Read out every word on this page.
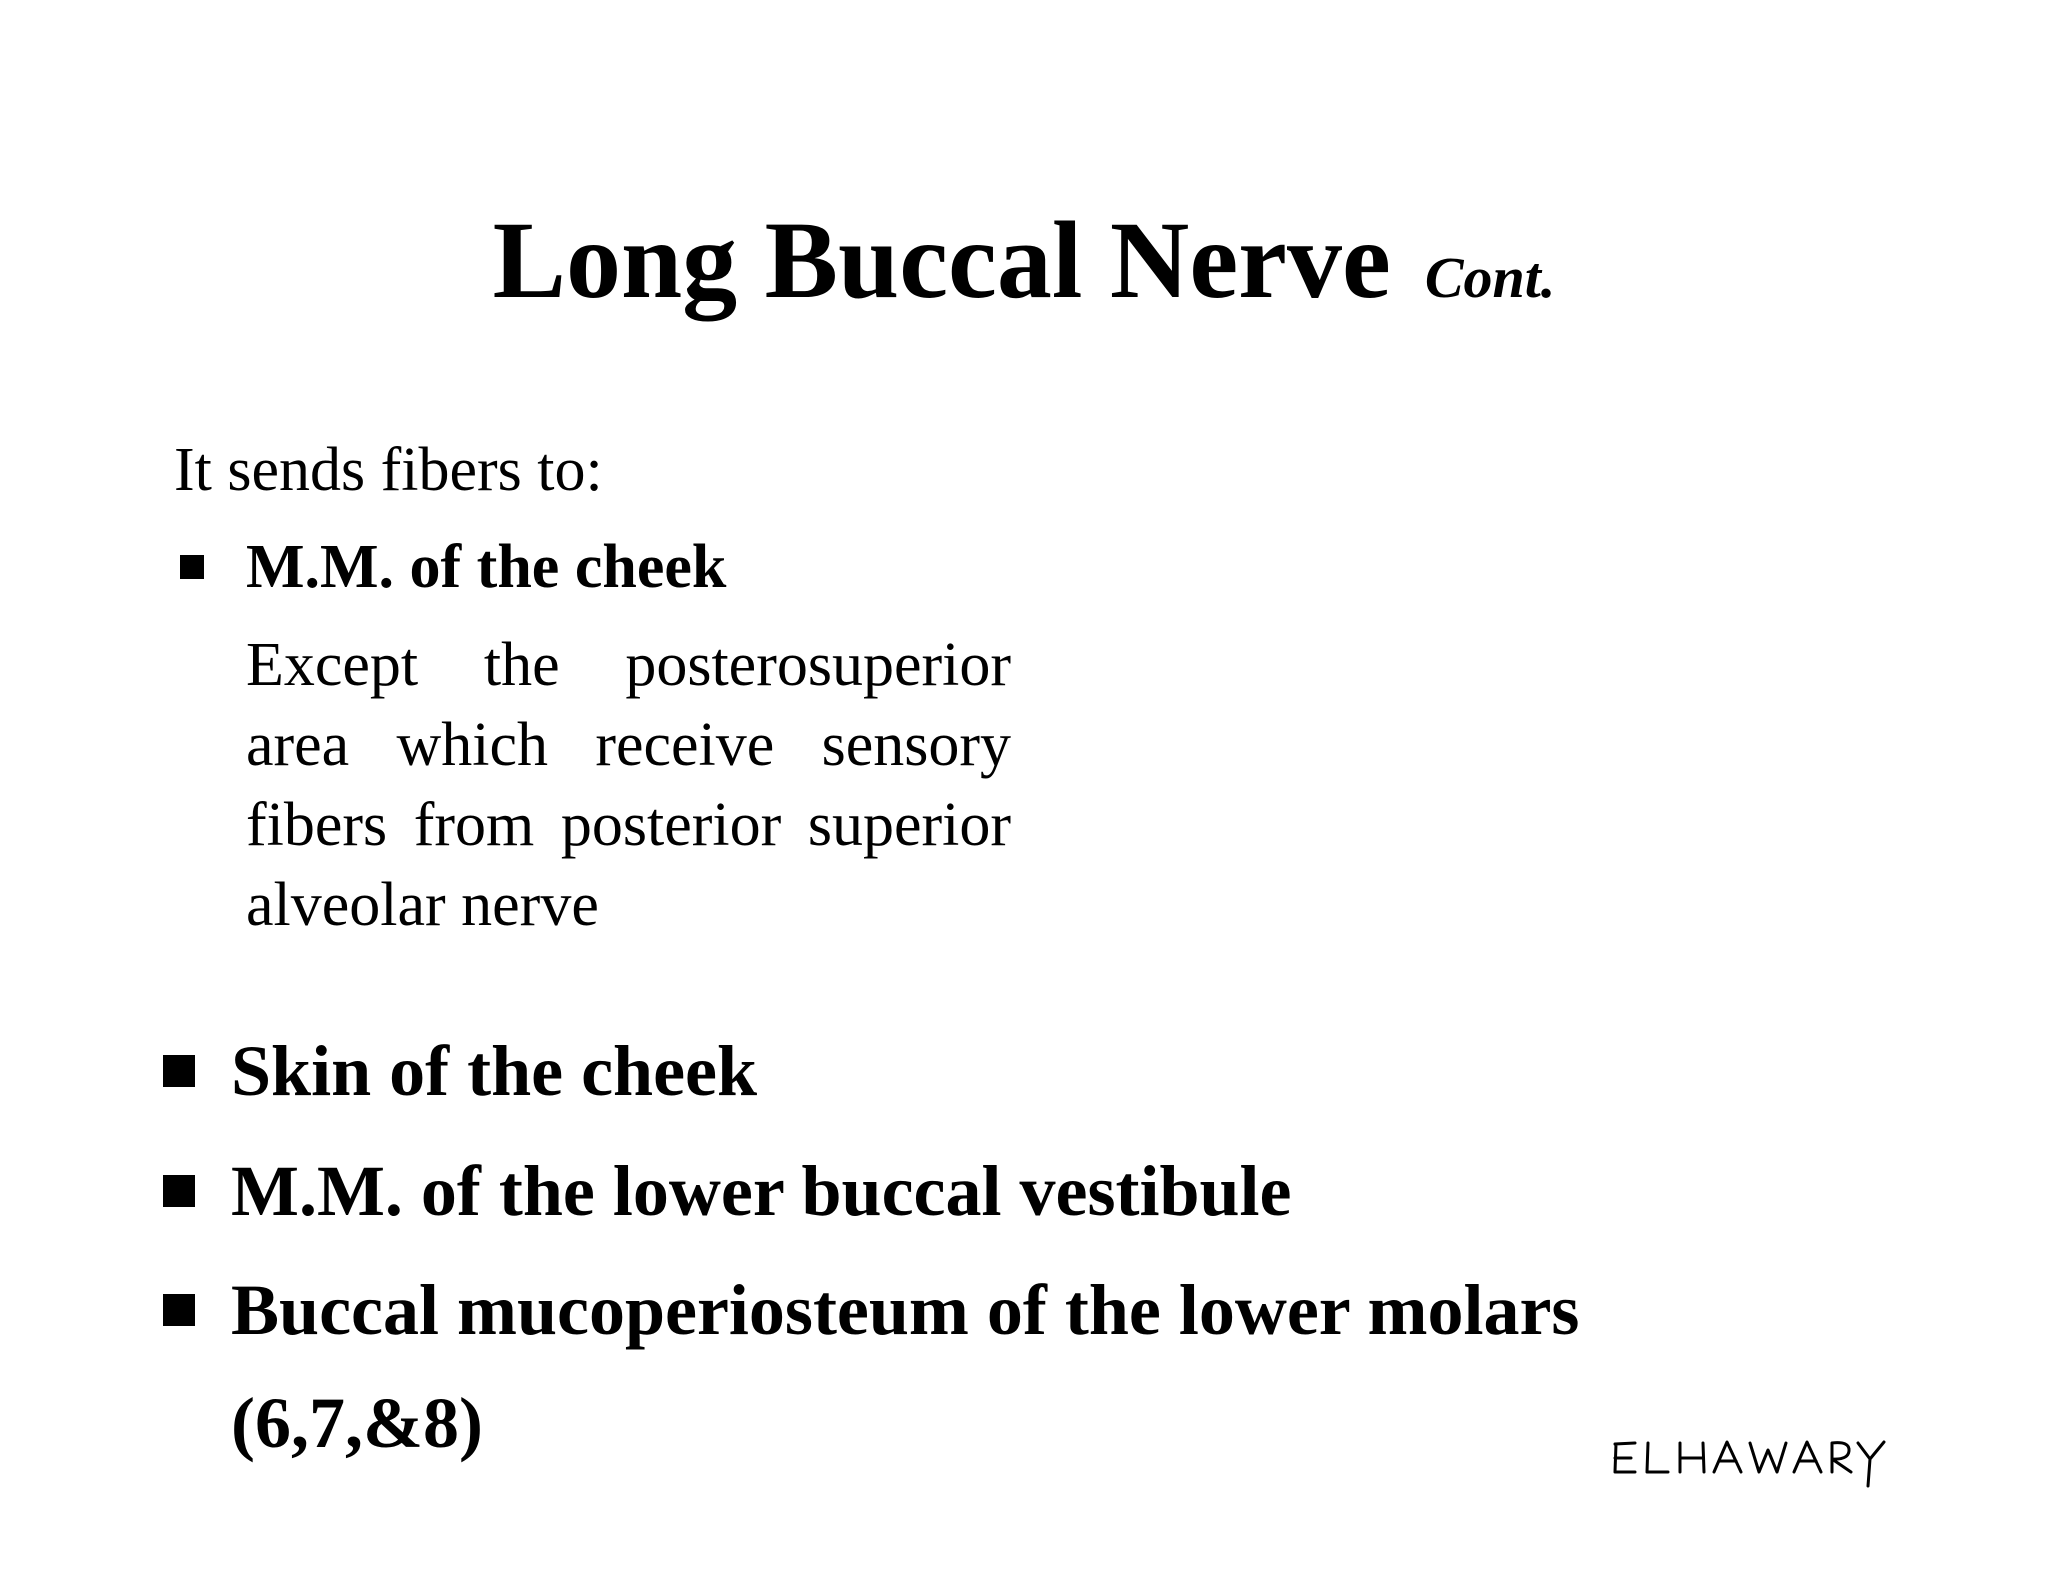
Long Buccal Nerve Cont.
It sends fibers to:
M.M. of the cheek
Except the posterosuperior area which receive sensory fibers from posterior superior alveolar nerve
Skin of the cheek
M.M. of the lower buccal vestibule
Buccal mucoperiosteum of the lower molars
(6,7,&8)
